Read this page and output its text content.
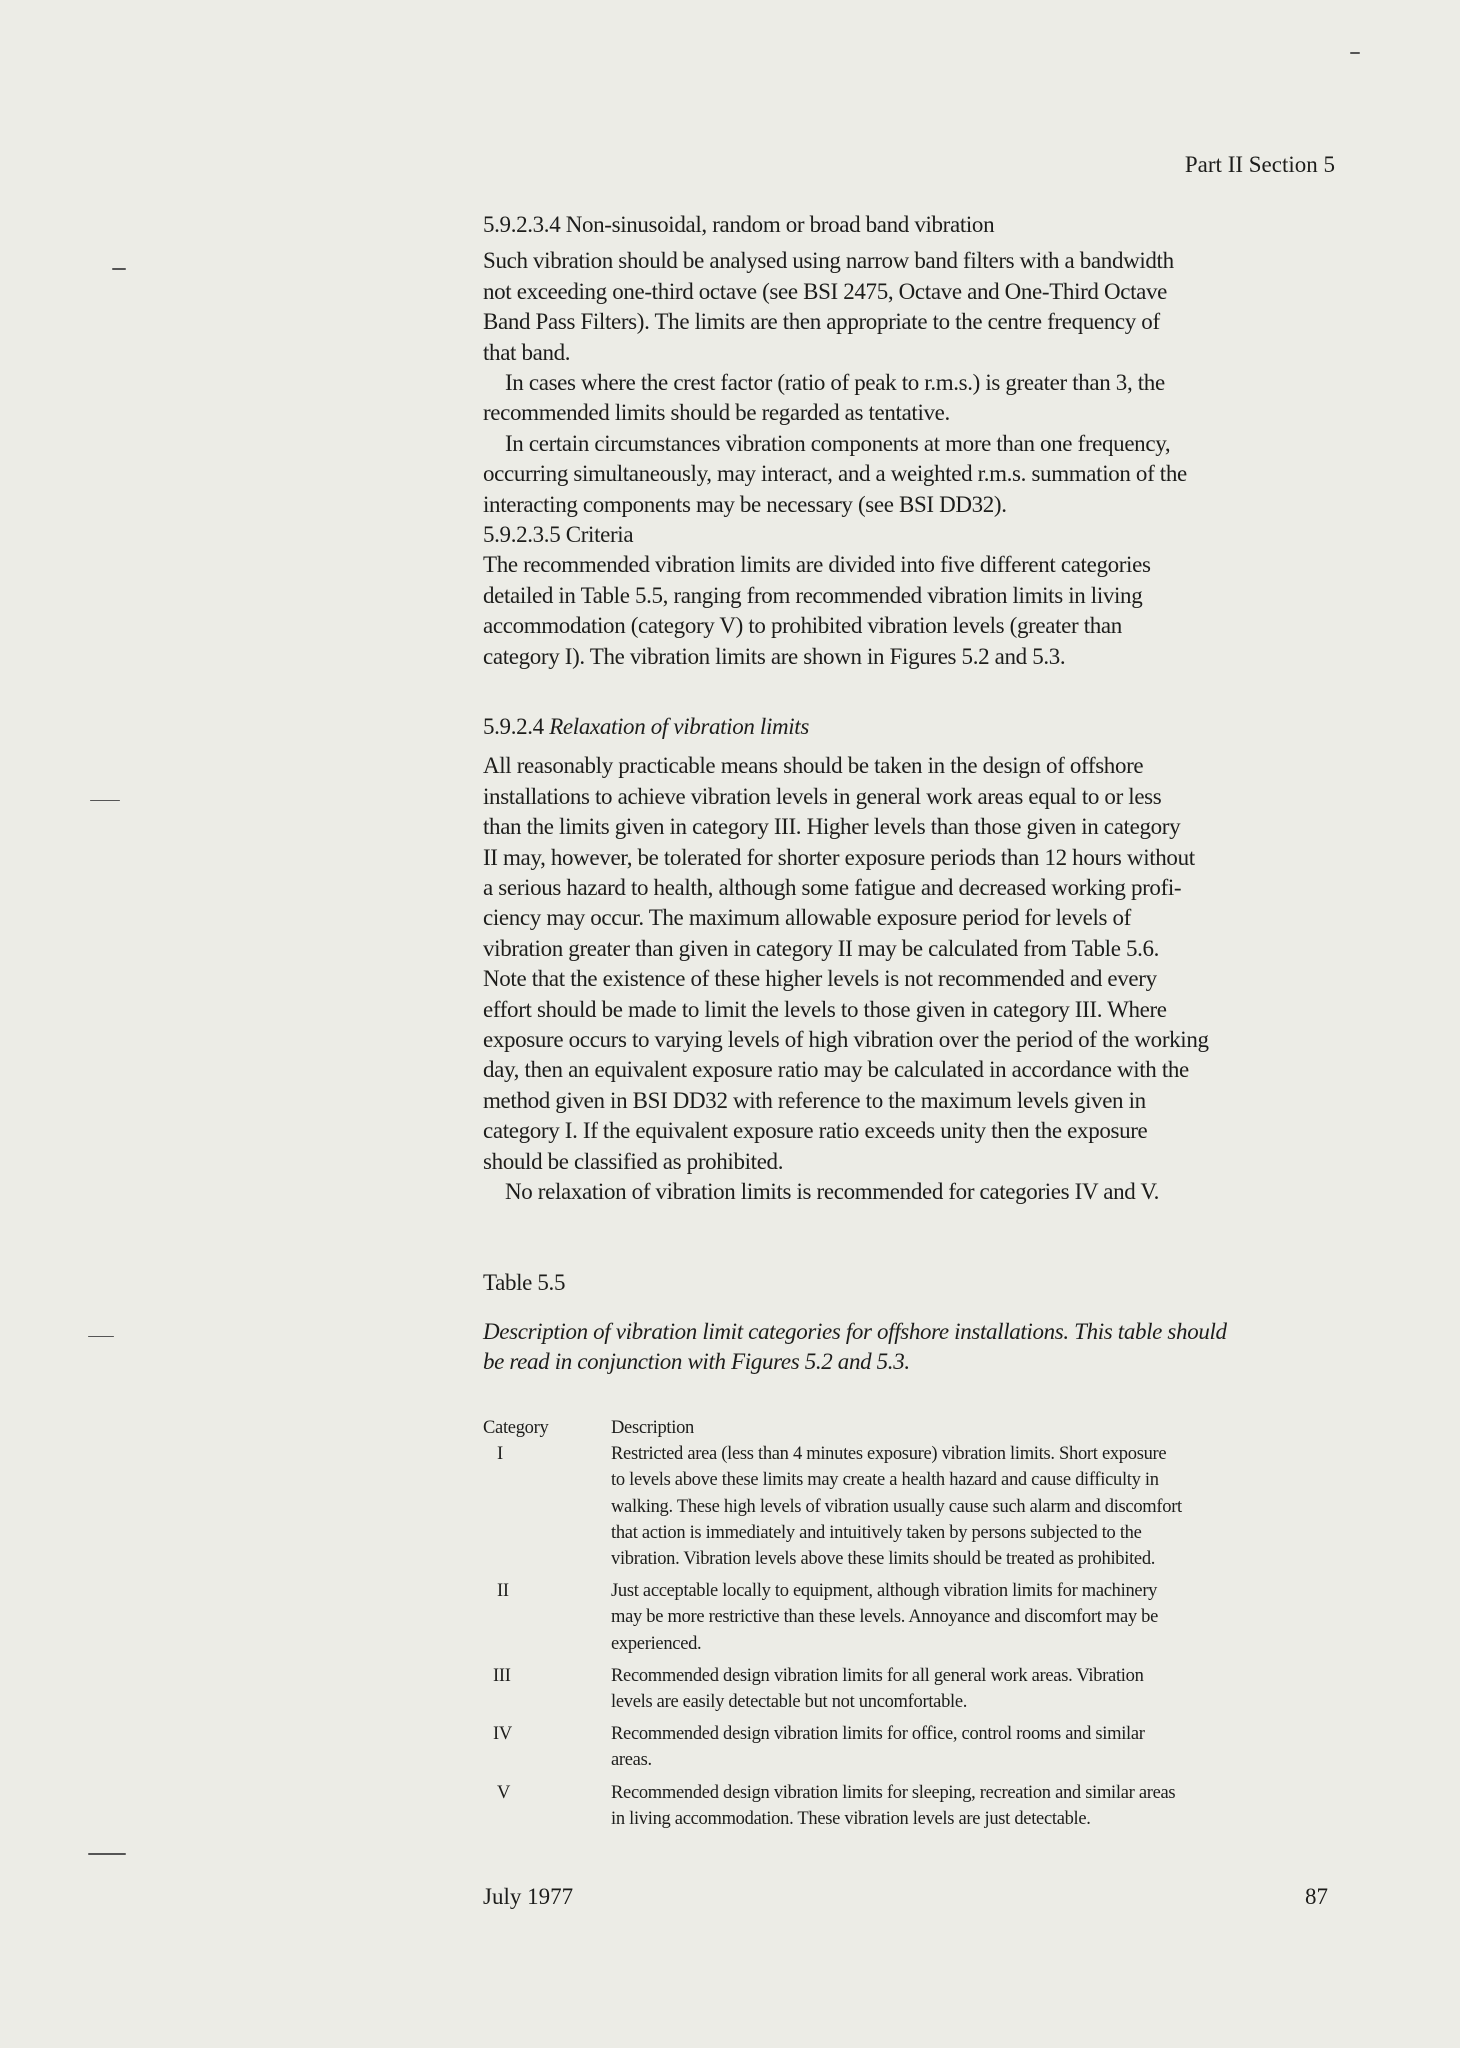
Part II Section 5
5.9.2.3.4 Non-sinusoidal, random or broad band vibration
Such vibration should be analysed using narrow band filters with a bandwidth
not exceeding one-third octave (see BSI 2475, Octave and One-Third Octave
Band Pass Filters). The limits are then appropriate to the centre frequency of
that band.
In cases where the crest factor (ratio of peak to r.m.s.) is greater than 3, the
recommended limits should be regarded as tentative.
In certain circumstances vibration components at more than one frequency,
occurring simultaneously, may interact, and a weighted r.m.s. summation of the
interacting components may be necessary (see BSI DD32).
5.9.2.3.5 Criteria
The recommended vibration limits are divided into five different categories
detailed in Table 5.5, ranging from recommended vibration limits in living
accommodation (category V) to prohibited vibration levels (greater than
category I). The vibration limits are shown in Figures 5.2 and 5.3.
5.9.2.4 Relaxation of vibration limits
All reasonably practicable means should be taken in the design of offshore
installations to achieve vibration levels in general work areas equal to or less
than the limits given in category III. Higher levels than those given in category
II may, however, be tolerated for shorter exposure periods than 12 hours without
a serious hazard to health, although some fatigue and decreased working profi-
ciency may occur. The maximum allowable exposure period for levels of
vibration greater than given in category II may be calculated from Table 5.6.
Note that the existence of these higher levels is not recommended and every
effort should be made to limit the levels to those given in category III. Where
exposure occurs to varying levels of high vibration over the period of the working
day, then an equivalent exposure ratio may be calculated in accordance with the
method given in BSI DD32 with reference to the maximum levels given in
category I. If the equivalent exposure ratio exceeds unity then the exposure
should be classified as prohibited.
No relaxation of vibration limits is recommended for categories IV and V.
Table 5.5
Description of vibration limit categories for offshore installations. This table should
be read in conjunction with Figures 5.2 and 5.3.
Category	Description
I	Restricted area (less than 4 minutes exposure) vibration limits. Short exposure
to levels above these limits may create a health hazard and cause difficulty in
walking. These high levels of vibration usually cause such alarm and discomfort
that action is immediately and intuitively taken by persons subjected to the
vibration. Vibration levels above these limits should be treated as prohibited.
II	Just acceptable locally to equipment, although vibration limits for machinery
may be more restrictive than these levels. Annoyance and discomfort may be
experienced.
III	Recommended design vibration limits for all general work areas. Vibration
levels are easily detectable but not uncomfortable.
IV	Recommended design vibration limits for office, control rooms and similar
areas.
V	Recommended design vibration limits for sleeping, recreation and similar areas
in living accommodation. These vibration levels are just detectable.
July 1977	87
